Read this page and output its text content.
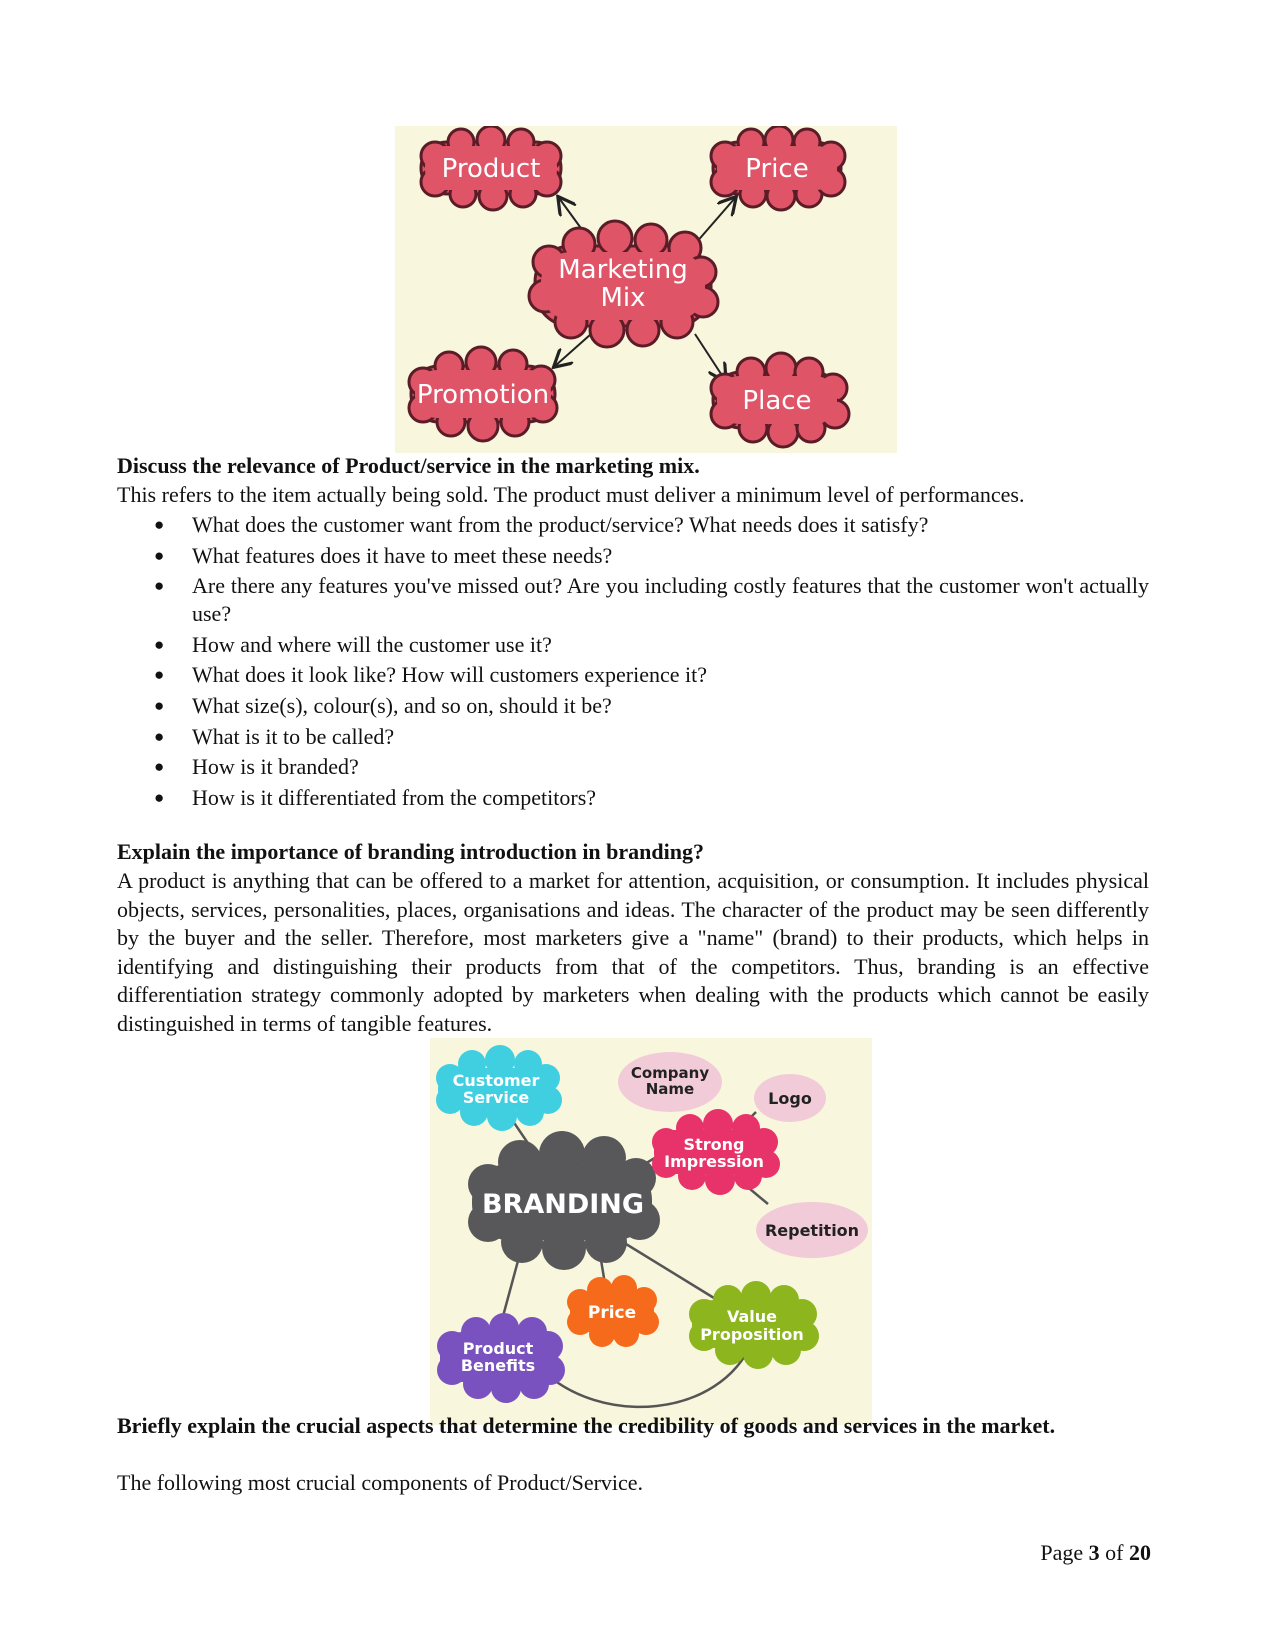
Product	Price
Marketing
Mix
Promotion	Place
Discuss the relevance of Product/service in the marketing mix.
This refers to the item actually being sold. The product must deliver a minimum level of performances.
● What does the customer want from the product/service? What needs does it satisfy?
● What features does it have to meet these needs?
● Are there any features you've missed out? Are you including costly features that the customer won't actually use?
● How and where will the customer use it?
● What does it look like? How will customers experience it?
● What size(s), colour(s), and so on, should it be?
● What is it to be called?
● How is it branded?
● How is it differentiated from the competitors?
Explain the importance of branding introduction in branding?
A product is anything that can be offered to a market for attention, acquisition, or consumption. It includes physical objects, services, personalities, places, organisations and ideas. The character of the product may be seen differently by the buyer and the seller. Therefore, most marketers give a "name" (brand) to their products, which helps in identifying and distinguishing their products from that of the competitors. Thus, branding is an effective differentiation strategy commonly adopted by marketers when dealing with the products which cannot be easily distinguished in terms of tangible features.
BRANDING
Customer
Service
Company
Name	Logo
Strong
Impression
Repetition
Price	Value
Proposition
Product
Benefits
Briefly explain the crucial aspects that determine the credibility of goods and services in the market.
The following most crucial components of Product/Service.
Page 3 of 20
